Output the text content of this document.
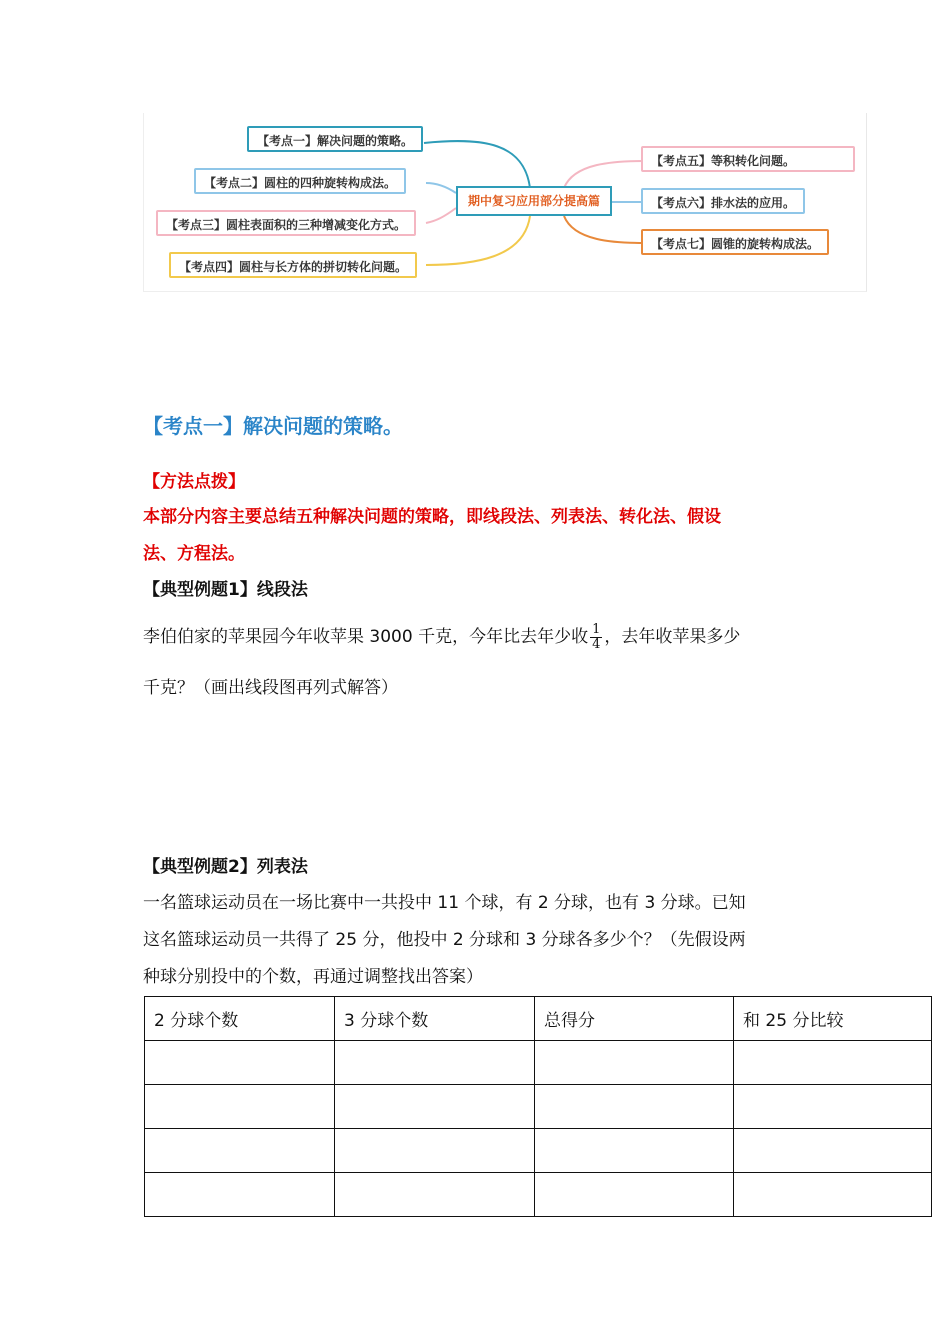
【考点一】解决问题的策略。
【考点二】圆柱的四种旋转构成法。
【考点三】圆柱表面积的三种增减变化方式。
【考点四】圆柱与长方体的拼切转化问题。
期中复习应用部分提高篇
【考点五】等积转化问题。
【考点六】排水法的应用。
【考点七】圆锥的旋转构成法。
【考点一】解决问题的策略。
【方法点拨】
本部分内容主要总结五种解决问题的策略，即线段法、列表法、转化法、假设
法、方程法。
【典型例题1】线段法
李伯伯家的苹果园今年收苹果 3000 千克，今年比去年少收 $\frac{1}{4}$ ，去年收苹果多少
千克？（画出线段图再列式解答）
【典型例题2】列表法
一名篮球运动员在一场比赛中一共投中 11 个球，有 2 分球，也有 3 分球。已知
这名篮球运动员一共得了 25 分，他投中 2 分球和 3 分球各多少个？（先假设两
种球分别投中的个数，再通过调整找出答案）
2 分球个数	3 分球个数	总得分	和 25 分比较
